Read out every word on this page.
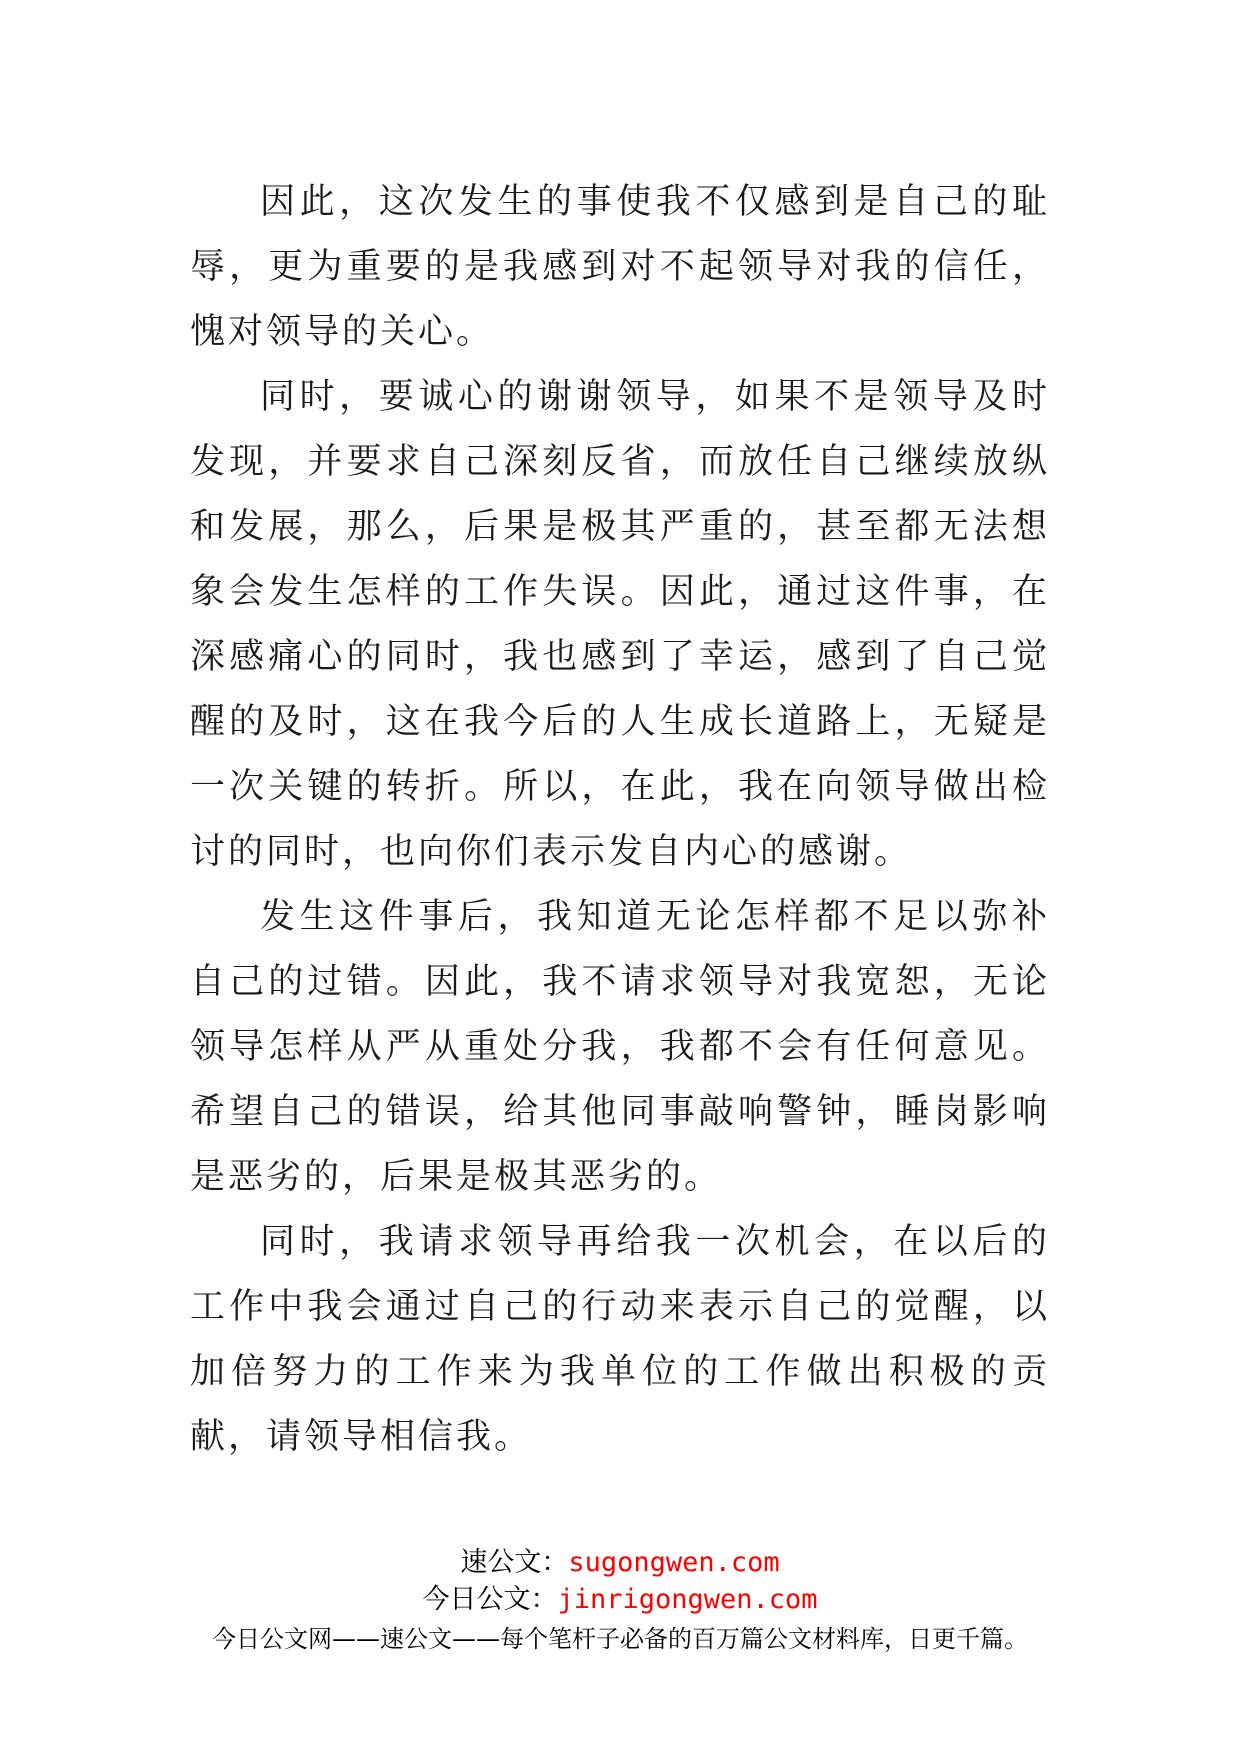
因此，这次发生的事使我不仅感到是自己的耻辱，更为重要的是我感到对不起领导对我的信任，愧对领导的关心。

同时，要诚心的谢谢领导，如果不是领导及时发现，并要求自己深刻反省，而放任自己继续放纵和发展，那么，后果是极其严重的，甚至都无法想象会发生怎样的工作失误。因此，通过这件事，在深感痛心的同时，我也感到了幸运，感到了自己觉醒的及时，这在我今后的人生成长道路上，无疑是一次关键的转折。所以，在此，我在向领导做出检讨的同时，也向你们表示发自内心的感谢。

发生这件事后，我知道无论怎样都不足以弥补自己的过错。因此，我不请求领导对我宽恕，无论领导怎样从严从重处分我，我都不会有任何意见。希望自己的错误，给其他同事敲响警钟，睡岗影响是恶劣的，后果是极其恶劣的。

同时，我请求领导再给我一次机会，在以后的工作中我会通过自己的行动来表示自己的觉醒，以加倍努力的工作来为我单位的工作做出积极的贡献，请领导相信我。

速公文：sugongwen.com
今日公文：jinrigongwen.com
今日公文网——速公文——每个笔杆子必备的百万篇公文材料库，日更千篇。
